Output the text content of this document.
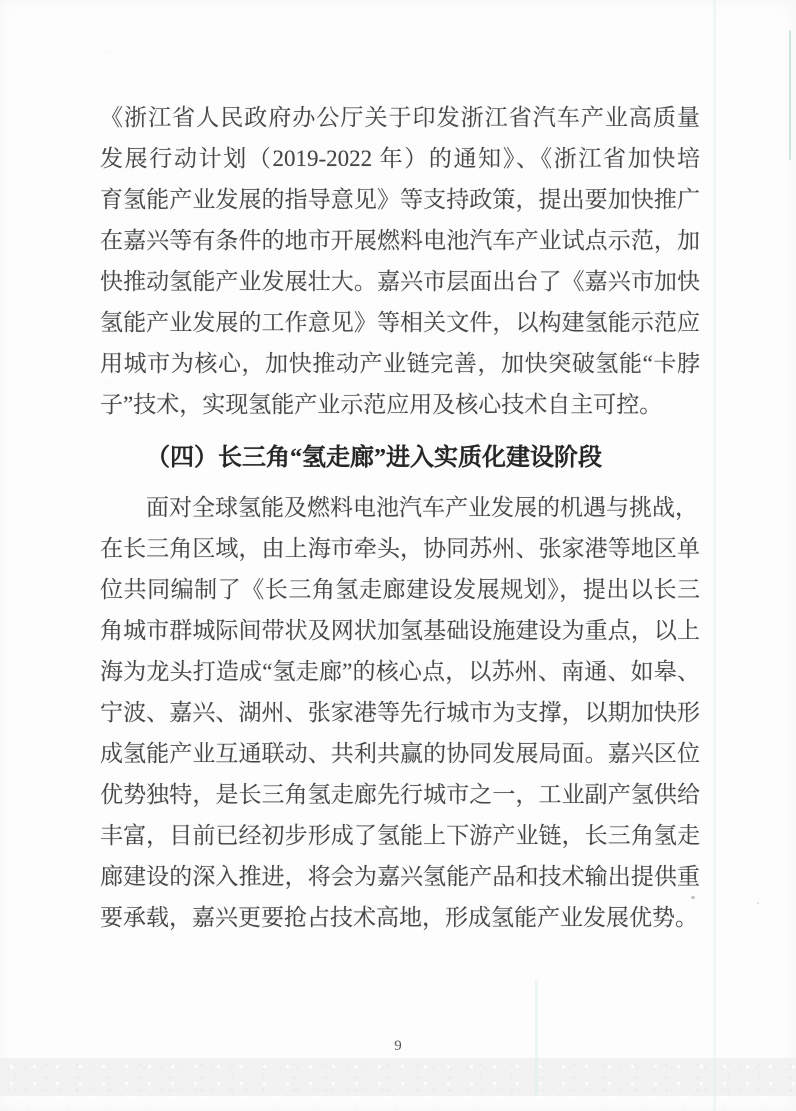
《浙江省人民政府办公厅关于印发浙江省汽车产业高质量
发展行动计划（2019-2022 年）的通知》、《浙江省加快培
育氢能产业发展的指导意见》等支持政策，提出要加快推广
在嘉兴等有条件的地市开展燃料电池汽车产业试点示范，加
快推动氢能产业发展壮大。嘉兴市层面出台了《嘉兴市加快
氢能产业发展的工作意见》等相关文件，以构建氢能示范应
用城市为核心，加快推动产业链完善，加快突破氢能“卡脖
子”技术，实现氢能产业示范应用及核心技术自主可控。
（四）长三角“氢走廊”进入实质化建设阶段
面对全球氢能及燃料电池汽车产业发展的机遇与挑战，
在长三角区域，由上海市牵头，协同苏州、张家港等地区单
位共同编制了《长三角氢走廊建设发展规划》，提出以长三
角城市群城际间带状及网状加氢基础设施建设为重点，以上
海为龙头打造成“氢走廊”的核心点，以苏州、南通、如皋、
宁波、嘉兴、湖州、张家港等先行城市为支撑，以期加快形
成氢能产业互通联动、共利共赢的协同发展局面。嘉兴区位
优势独特，是长三角氢走廊先行城市之一，工业副产氢供给
丰富，目前已经初步形成了氢能上下游产业链，长三角氢走
廊建设的深入推进，将会为嘉兴氢能产品和技术输出提供重
要承载，嘉兴更要抢占技术高地，形成氢能产业发展优势。
9
